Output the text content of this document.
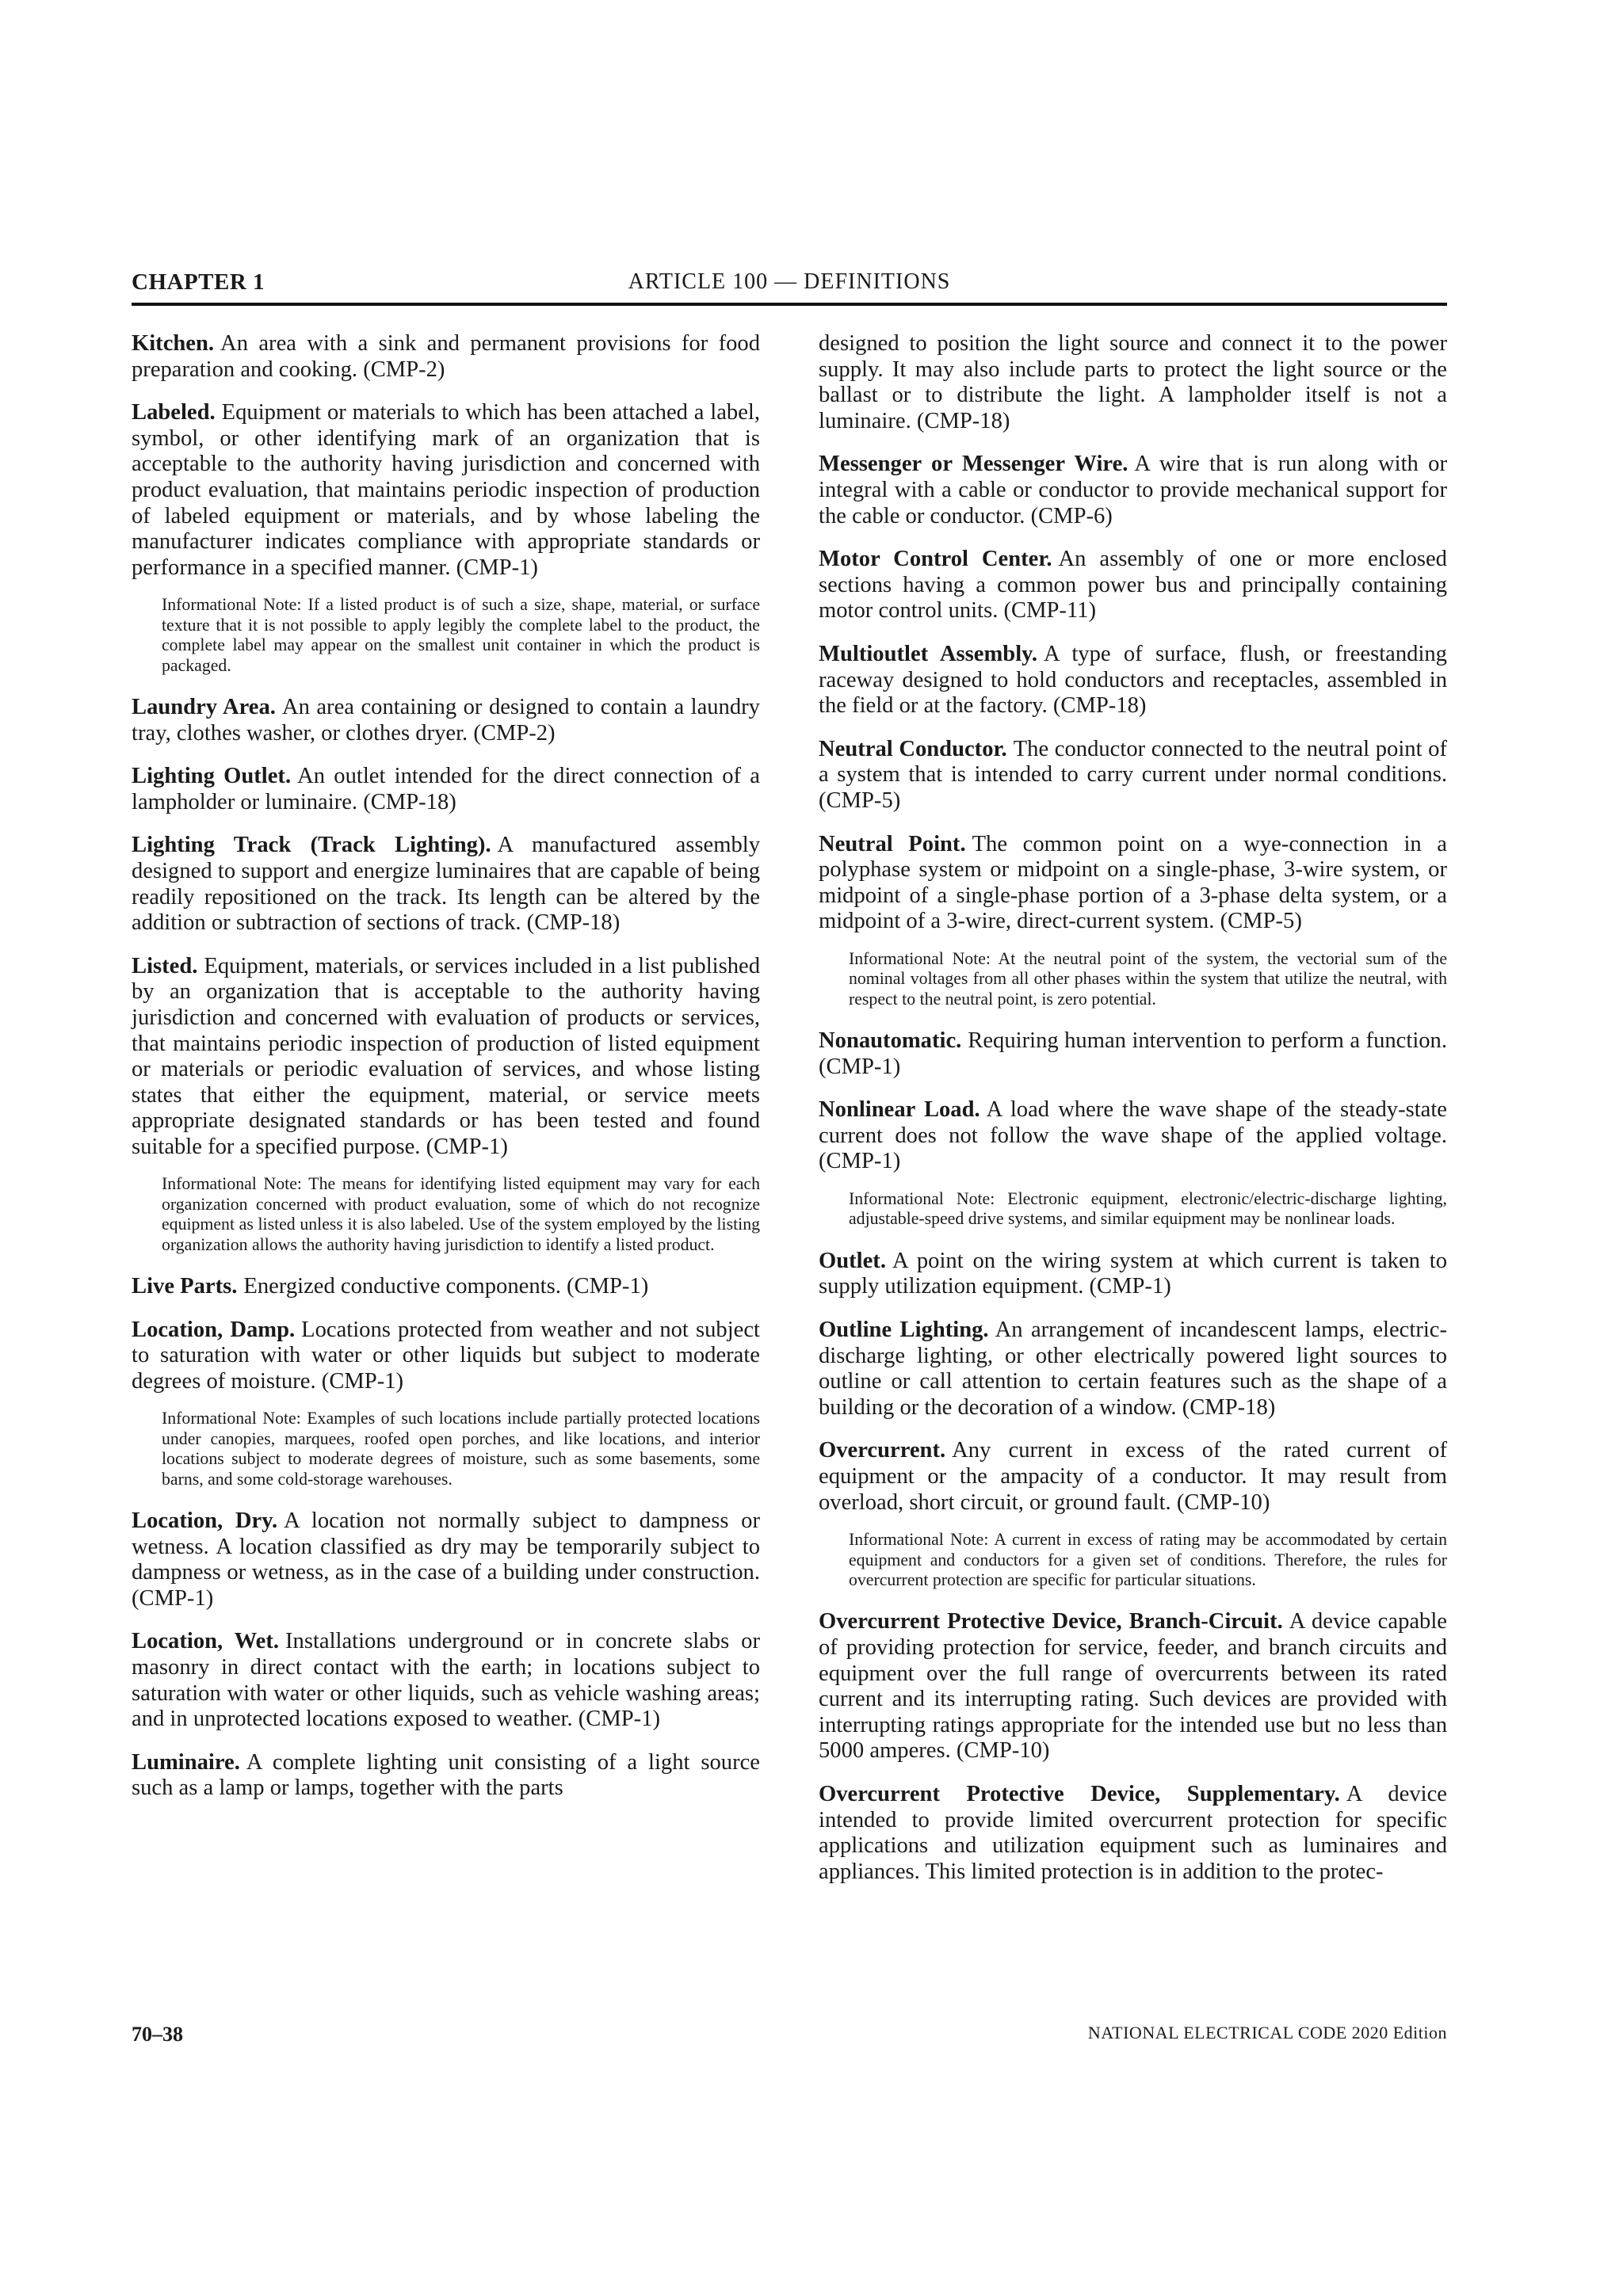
CHAPTER 1	ARTICLE 100 — DEFINITIONS

Kitchen. An area with a sink and permanent provisions for food preparation and cooking. (CMP-2)

Labeled. Equipment or materials to which has been attached a label, symbol, or other identifying mark of an organization that is acceptable to the authority having jurisdiction and concerned with product evaluation, that maintains periodic inspection of production of labeled equipment or materials, and by whose labeling the manufacturer indicates compliance with appropriate standards or performance in a specified manner. (CMP-1)

Informational Note: If a listed product is of such a size, shape, material, or surface texture that it is not possible to apply legibly the complete label to the product, the complete label may appear on the smallest unit container in which the product is packaged.

Laundry Area. An area containing or designed to contain a laundry tray, clothes washer, or clothes dryer. (CMP-2)

Lighting Outlet. An outlet intended for the direct connection of a lampholder or luminaire. (CMP-18)

Lighting Track (Track Lighting). A manufactured assembly designed to support and energize luminaires that are capable of being readily repositioned on the track. Its length can be altered by the addition or subtraction of sections of track. (CMP-18)

Listed. Equipment, materials, or services included in a list published by an organization that is acceptable to the authority having jurisdiction and concerned with evaluation of products or services, that maintains periodic inspection of production of listed equipment or materials or periodic evaluation of services, and whose listing states that either the equipment, material, or service meets appropriate designated standards or has been tested and found suitable for a specified purpose. (CMP-1)

Informational Note: The means for identifying listed equipment may vary for each organization concerned with product evaluation, some of which do not recognize equipment as listed unless it is also labeled. Use of the system employed by the listing organization allows the authority having jurisdiction to identify a listed product.

Live Parts. Energized conductive components. (CMP-1)

Location, Damp. Locations protected from weather and not subject to saturation with water or other liquids but subject to moderate degrees of moisture. (CMP-1)

Informational Note: Examples of such locations include partially protected locations under canopies, marquees, roofed open porches, and like locations, and interior locations subject to moderate degrees of moisture, such as some basements, some barns, and some cold-storage warehouses.

Location, Dry. A location not normally subject to dampness or wetness. A location classified as dry may be temporarily subject to dampness or wetness, as in the case of a building under construction. (CMP-1)

Location, Wet. Installations underground or in concrete slabs or masonry in direct contact with the earth; in locations subject to saturation with water or other liquids, such as vehicle washing areas; and in unprotected locations exposed to weather. (CMP-1)

Luminaire. A complete lighting unit consisting of a light source such as a lamp or lamps, together with the parts

designed to position the light source and connect it to the power supply. It may also include parts to protect the light source or the ballast or to distribute the light. A lampholder itself is not a luminaire. (CMP-18)

Messenger or Messenger Wire. A wire that is run along with or integral with a cable or conductor to provide mechanical support for the cable or conductor. (CMP-6)

Motor Control Center. An assembly of one or more enclosed sections having a common power bus and principally containing motor control units. (CMP-11)

Multioutlet Assembly. A type of surface, flush, or freestanding raceway designed to hold conductors and receptacles, assembled in the field or at the factory. (CMP-18)

Neutral Conductor. The conductor connected to the neutral point of a system that is intended to carry current under normal conditions. (CMP-5)

Neutral Point. The common point on a wye-connection in a polyphase system or midpoint on a single-phase, 3-wire system, or midpoint of a single-phase portion of a 3-phase delta system, or a midpoint of a 3-wire, direct-current system. (CMP-5)

Informational Note: At the neutral point of the system, the vectorial sum of the nominal voltages from all other phases within the system that utilize the neutral, with respect to the neutral point, is zero potential.

Nonautomatic. Requiring human intervention to perform a function. (CMP-1)

Nonlinear Load. A load where the wave shape of the steady-state current does not follow the wave shape of the applied voltage. (CMP-1)

Informational Note: Electronic equipment, electronic/electric-discharge lighting, adjustable-speed drive systems, and similar equipment may be nonlinear loads.

Outlet. A point on the wiring system at which current is taken to supply utilization equipment. (CMP-1)

Outline Lighting. An arrangement of incandescent lamps, electric-discharge lighting, or other electrically powered light sources to outline or call attention to certain features such as the shape of a building or the decoration of a window. (CMP-18)

Overcurrent. Any current in excess of the rated current of equipment or the ampacity of a conductor. It may result from overload, short circuit, or ground fault. (CMP-10)

Informational Note: A current in excess of rating may be accommodated by certain equipment and conductors for a given set of conditions. Therefore, the rules for overcurrent protection are specific for particular situations.

Overcurrent Protective Device, Branch-Circuit. A device capable of providing protection for service, feeder, and branch circuits and equipment over the full range of overcurrents between its rated current and its interrupting rating. Such devices are provided with interrupting ratings appropriate for the intended use but no less than 5000 amperes. (CMP-10)

Overcurrent Protective Device, Supplementary. A device intended to provide limited overcurrent protection for specific applications and utilization equipment such as luminaires and appliances. This limited protection is in addition to the protec-

70–38	NATIONAL ELECTRICAL CODE 2020 Edition
